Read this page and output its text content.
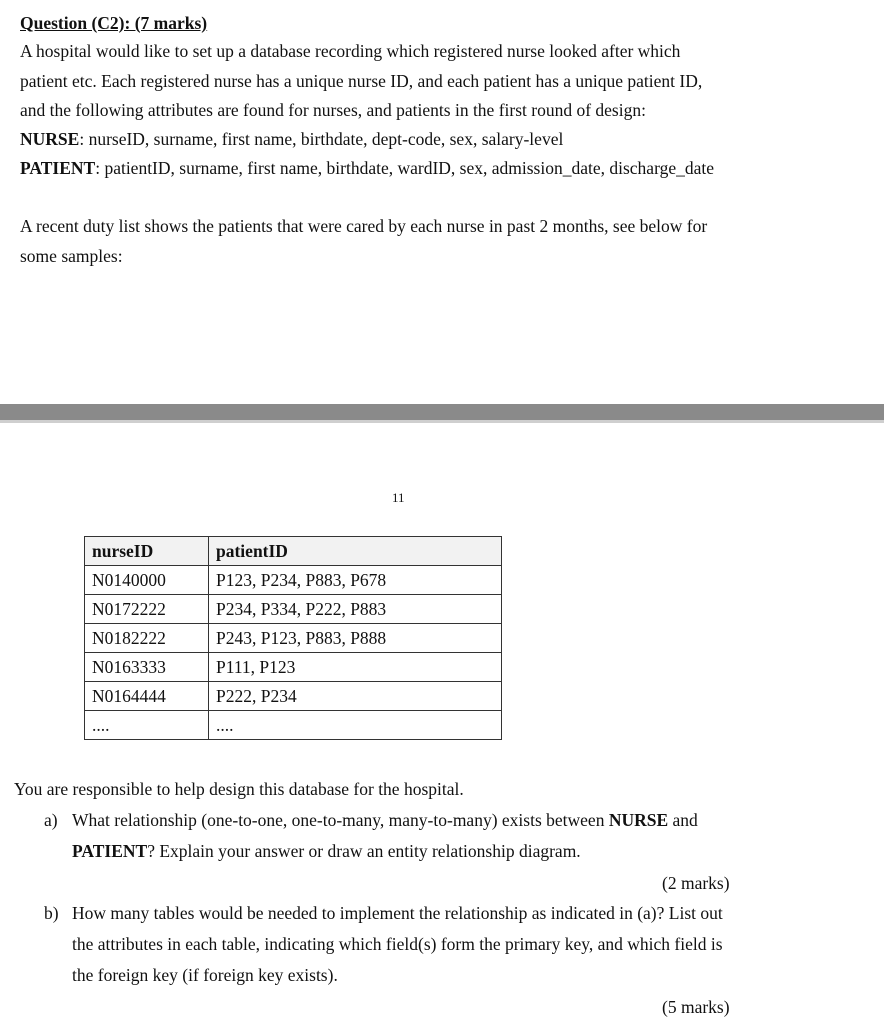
Question (C2): (7 marks)
A hospital would like to set up a database recording which registered nurse looked after which
patient etc. Each registered nurse has a unique nurse ID, and each patient has a unique patient ID,
and the following attributes are found for nurses, and patients in the first round of design:
NURSE: nurseID, surname, first name, birthdate, dept-code, sex, salary-level
PATIENT: patientID, surname, first name, birthdate, wardID, sex, admission_date, discharge_date
A recent duty list shows the patients that were cared by each nurse in past 2 months, see below for
some samples:
11
nurseID	patientID
N0140000	P123, P234, P883, P678
N0172222	P234, P334, P222, P883
N0182222	P243, P123, P883, P888
N0163333	P111, P123
N0164444	P222, P234
....	....
You are responsible to help design this database for the hospital.
a) What relationship (one-to-one, one-to-many, many-to-many) exists between NURSE and
PATIENT? Explain your answer or draw an entity relationship diagram.
(2 marks)
b) How many tables would be needed to implement the relationship as indicated in (a)? List out
the attributes in each table, indicating which field(s) form the primary key, and which field is
the foreign key (if foreign key exists).
(5 marks)
